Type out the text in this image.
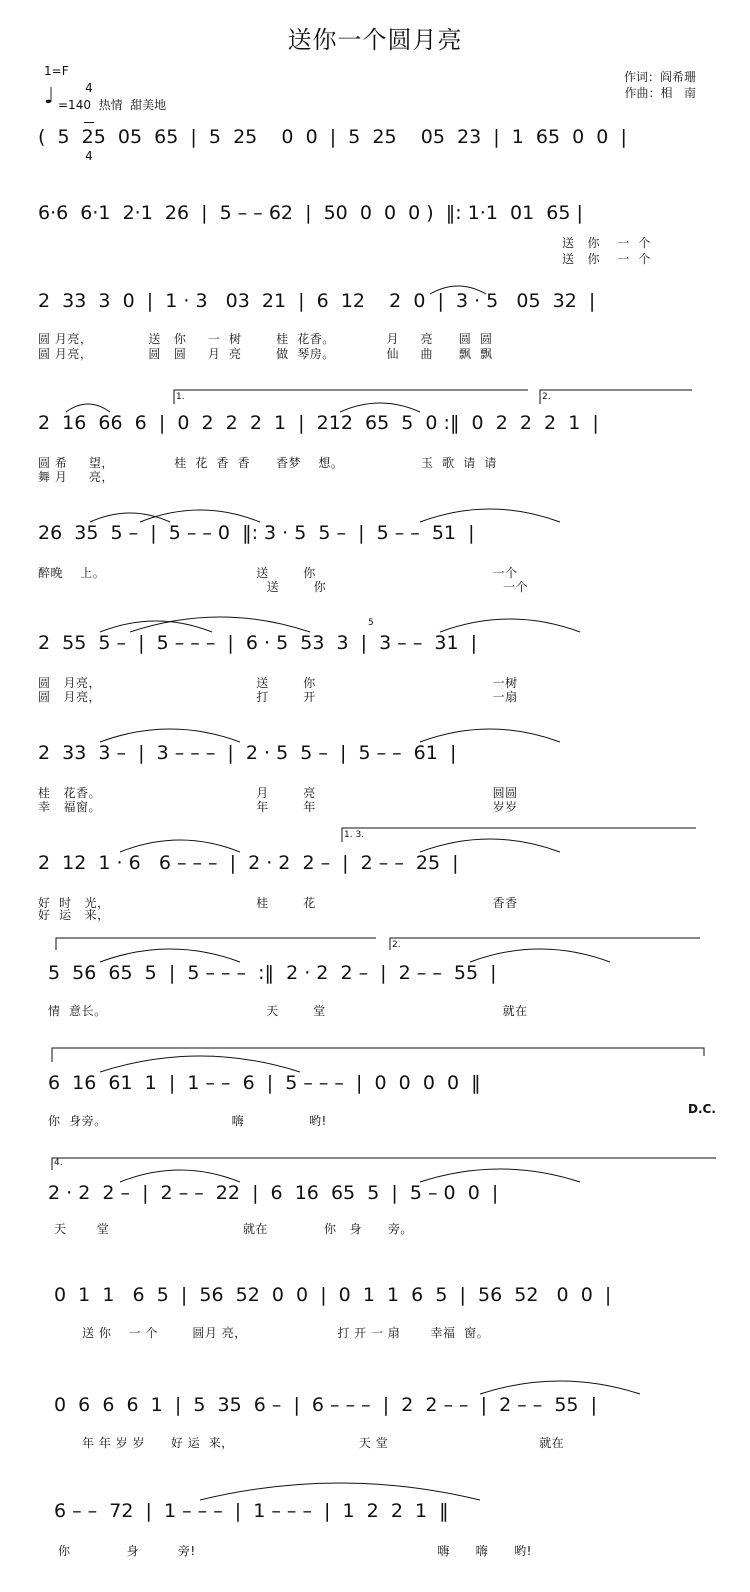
送你一个圆月亮
1=F

4

4

♩ =140  热情  甜美地
作词：阎希珊
作曲：相   南
(  5  25  05  65  |  5  25    0  0  |  5  25    05  23  |  1  65  0  0  |
6·6  6·1  2·1  26  |  5 – – 62  |  50  0  0  0 )  ‖: 1·1  01  65 |
送   你    一  个
送   你    一  个
2  33  3  0  |  1 · 3   03  21  |  6  12    2  0  |  3 · 5   05  32  |
圆 月亮，             送   你     一  树        桂  花香。            月     亮      圆  圆
圆 月亮，             圆   圆     月  亮        做  琴房。            仙     曲      飘  飘
2  16  66  6  |  0  2  2  2  1  |  212  65  5  0 :‖  0  2  2  2  1  |
圆 希     望，              桂  花  香  香      香梦    想。                  玉  歌  请  请
舞 月     亮，
26  35  5 –  |  5 – – 0  ‖: 3 · 5  5 –  |  5 – –  51  |
醉晚    上。                                   送        你                                         一个
送        你                                         一个
2  55  5 –  |  5 – – –  |  6 · 5  53  3  |  3 – –  31  |
圆   月亮，                                    送        你                                         一树
圆   月亮，                                    打        开                                         一扇
2  33  3 –  |  3 – – –  |  2 · 5  5 –  |  5 – –  61  |
桂   花香。                                    月        亮                                         圆圆
幸   福窗。                                    年        年                                         岁岁
2  12  1 · 6   6 – – –  |  2 · 2  2 –  |  2 – –  25  |
好  时   光，                                  桂        花                                         香香
好  运   来，
5  56  65  5  |  5 – – –  :‖  2 · 2  2 –  |  2 – –  55  |
情  意长。                                     天        堂                                         就在
6  16  61  1  |  1 – –  6  |  5 – – –  |  0  0  0  0  ‖
你  身旁。                             嗨               哟!
D.C.
2 · 2  2 –  |  2 – –  22  |  6  16  65  5  |  5 – 0  0  |
天       堂                               就在             你   身      旁。
0  1  1   6  5  |  56  52  0  0  |  0  1  1  6  5  |  56  52   0  0  |
送 你    一 个        圆月 亮，                     打 开 一 扇       幸福  窗。
0  6  6  6  1  |  5  35  6 –  |  6 – – –  |  2  2 – –  |  2 – –  55  |
年 年 岁 岁      好 运  来，                             天 堂                                   就在
6 – –  72  |  1 – – –  |  1 – – –  |  1  2  2  1  ‖
你             身         旁!                                                        嗨      嗨      哟!
1.	2.
1. 3.
2.
4.
5
